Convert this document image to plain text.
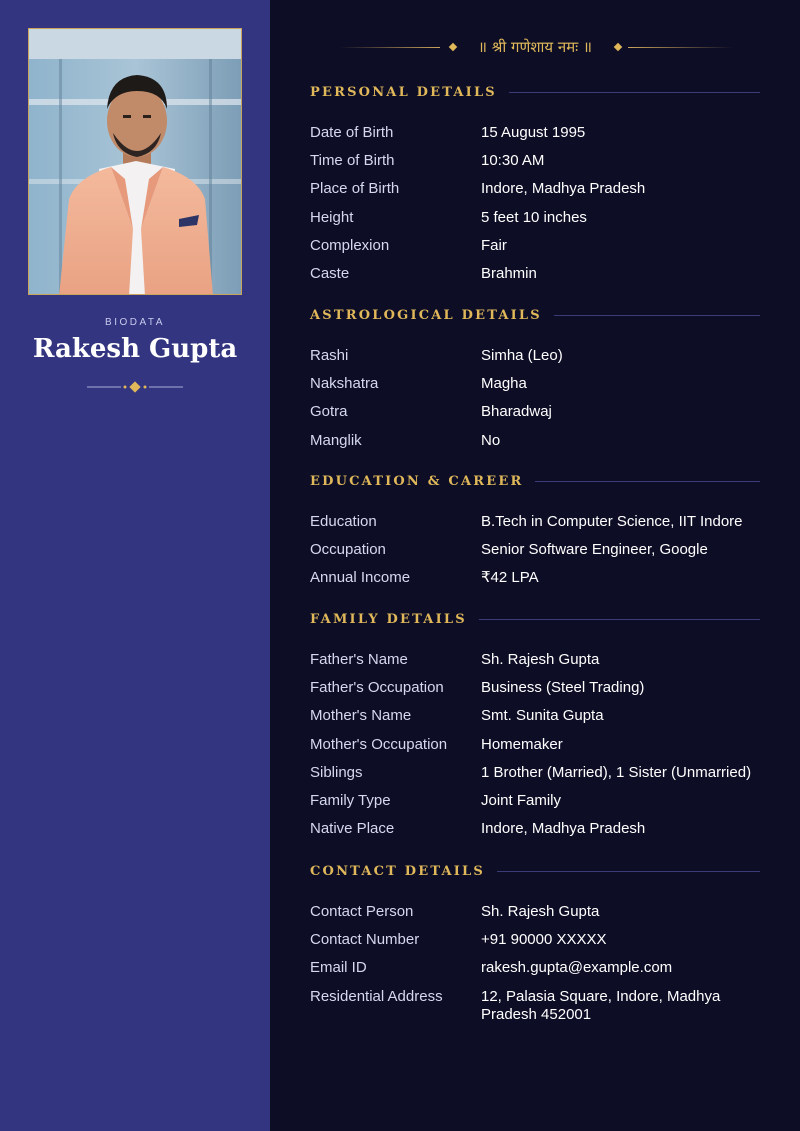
BIODATA
Rakesh Gupta
॥ श्री गणेशाय नमः ॥
PERSONAL DETAILS
Date of Birth	15 August 1995
Time of Birth	10:30 AM
Place of Birth	Indore, Madhya Pradesh
Height	5 feet 10 inches
Complexion	Fair
Caste	Brahmin
ASTROLOGICAL DETAILS
Rashi	Simha (Leo)
Nakshatra	Magha
Gotra	Bharadwaj
Manglik	No
EDUCATION & CAREER
Education	B.Tech in Computer Science, IIT Indore
Occupation	Senior Software Engineer, Google
Annual Income	₹42 LPA
FAMILY DETAILS
Father's Name	Sh. Rajesh Gupta
Father's Occupation	Business (Steel Trading)
Mother's Name	Smt. Sunita Gupta
Mother's Occupation	Homemaker
Siblings	1 Brother (Married), 1 Sister (Unmarried)
Family Type	Joint Family
Native Place	Indore, Madhya Pradesh
CONTACT DETAILS
Contact Person	Sh. Rajesh Gupta
Contact Number	+91 90000 XXXXX
Email ID	rakesh.gupta@example.com
Residential Address	12, Palasia Square, Indore, Madhya Pradesh 452001
